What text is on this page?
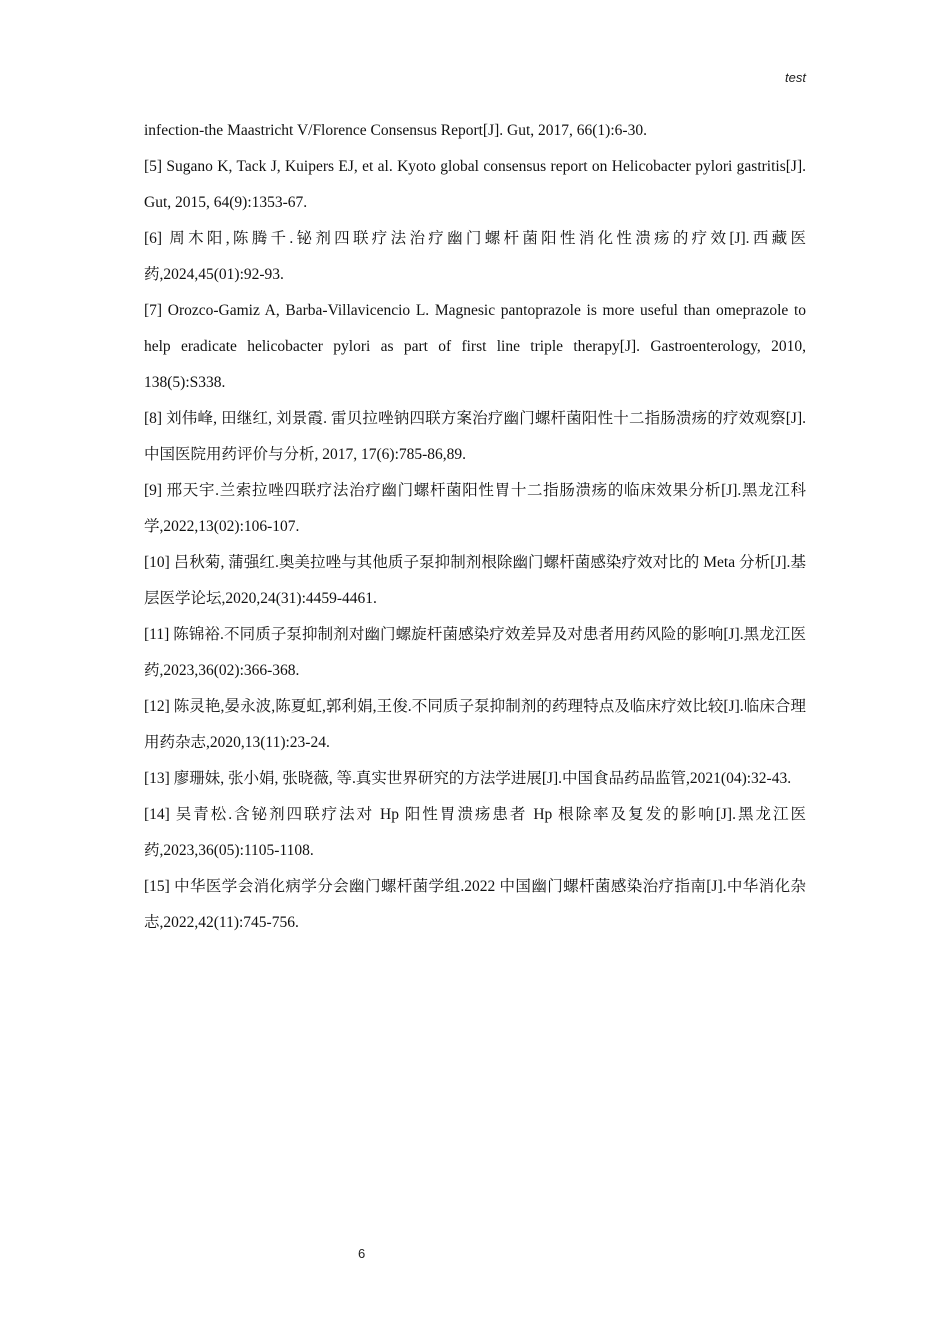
test

infection-the Maastricht V/Florence Consensus Report[J]. Gut, 2017, 66(1):6-30.

[5] Sugano K, Tack J, Kuipers EJ, et al. Kyoto global consensus report on Helicobacter pylori gastritis[J]. Gut, 2015, 64(9):1353-67.

[6] 周木阳,陈腾千.铋剂四联疗法治疗幽门螺杆菌阳性消化性溃疡的疗效[J].西藏医药,2024,45(01):92-93.

[7] Orozco-Gamiz A, Barba-Villavicencio L. Magnesic pantoprazole is more useful than omeprazole to help eradicate helicobacter pylori as part of first line triple therapy[J]. Gastroenterology, 2010, 138(5):S338.

[8] 刘伟峰, 田继红, 刘景霞. 雷贝拉唑钠四联方案治疗幽门螺杆菌阳性十二指肠溃疡的疗效观察[J]. 中国医院用药评价与分析, 2017, 17(6):785-86,89.

[9] 邢天宇.兰索拉唑四联疗法治疗幽门螺杆菌阳性胃十二指肠溃疡的临床效果分析[J].黑龙江科学,2022,13(02):106-107.

[10] 吕秋菊, 蒲强红.奥美拉唑与其他质子泵抑制剂根除幽门螺杆菌感染疗效对比的 Meta 分析[J].基层医学论坛,2020,24(31):4459-4461.

[11] 陈锦裕.不同质子泵抑制剂对幽门螺旋杆菌感染疗效差异及对患者用药风险的影响[J].黑龙江医药,2023,36(02):366-368.

[12] 陈灵艳,晏永波,陈夏虹,郭利娟,王俊.不同质子泵抑制剂的药理特点及临床疗效比较[J].临床合理用药杂志,2020,13(11):23-24.

[13] 廖珊妹, 张小娟, 张晓薇, 等.真实世界研究的方法学进展[J].中国食品药品监管,2021(04):32-43.

[14] 吴青松.含铋剂四联疗法对 Hp 阳性胃溃疡患者 Hp 根除率及复发的影响[J].黑龙江医药,2023,36(05):1105-1108.

[15] 中华医学会消化病学分会幽门螺杆菌学组.2022 中国幽门螺杆菌感染治疗指南[J].中华消化杂志,2022,42(11):745-756.

6
